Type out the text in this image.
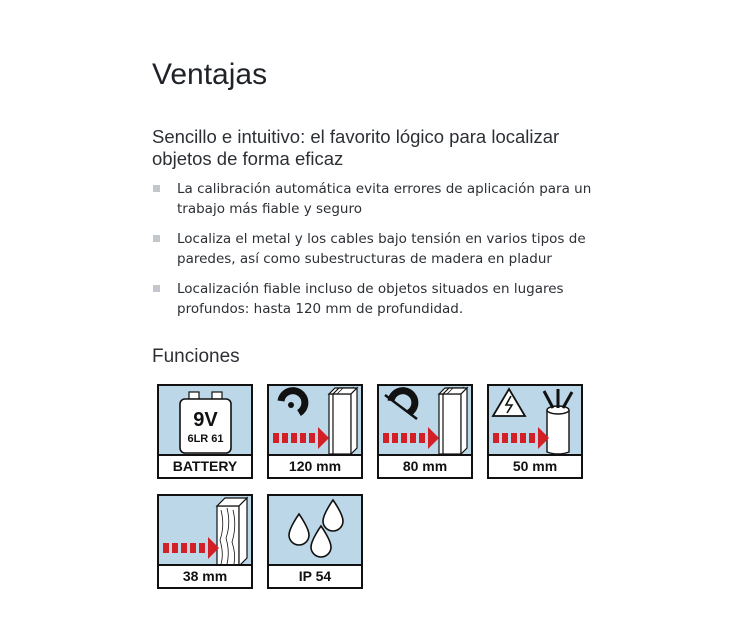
Ventajas

Sencillo e intuitivo: el favorito lógico para localizar objetos de forma eficaz

La calibración automática evita errores de aplicación para un trabajo más fiable y seguro
Localiza el metal y los cables bajo tensión en varios tipos de paredes, así como subestructuras de madera en pladur
Localización fiable incluso de objetos situados en lugares profundos: hasta 120 mm de profundidad.
Funciones
9V
6LR 61
BATTERY	120 mm	80 mm	50 mm
38 mm	IP 54
